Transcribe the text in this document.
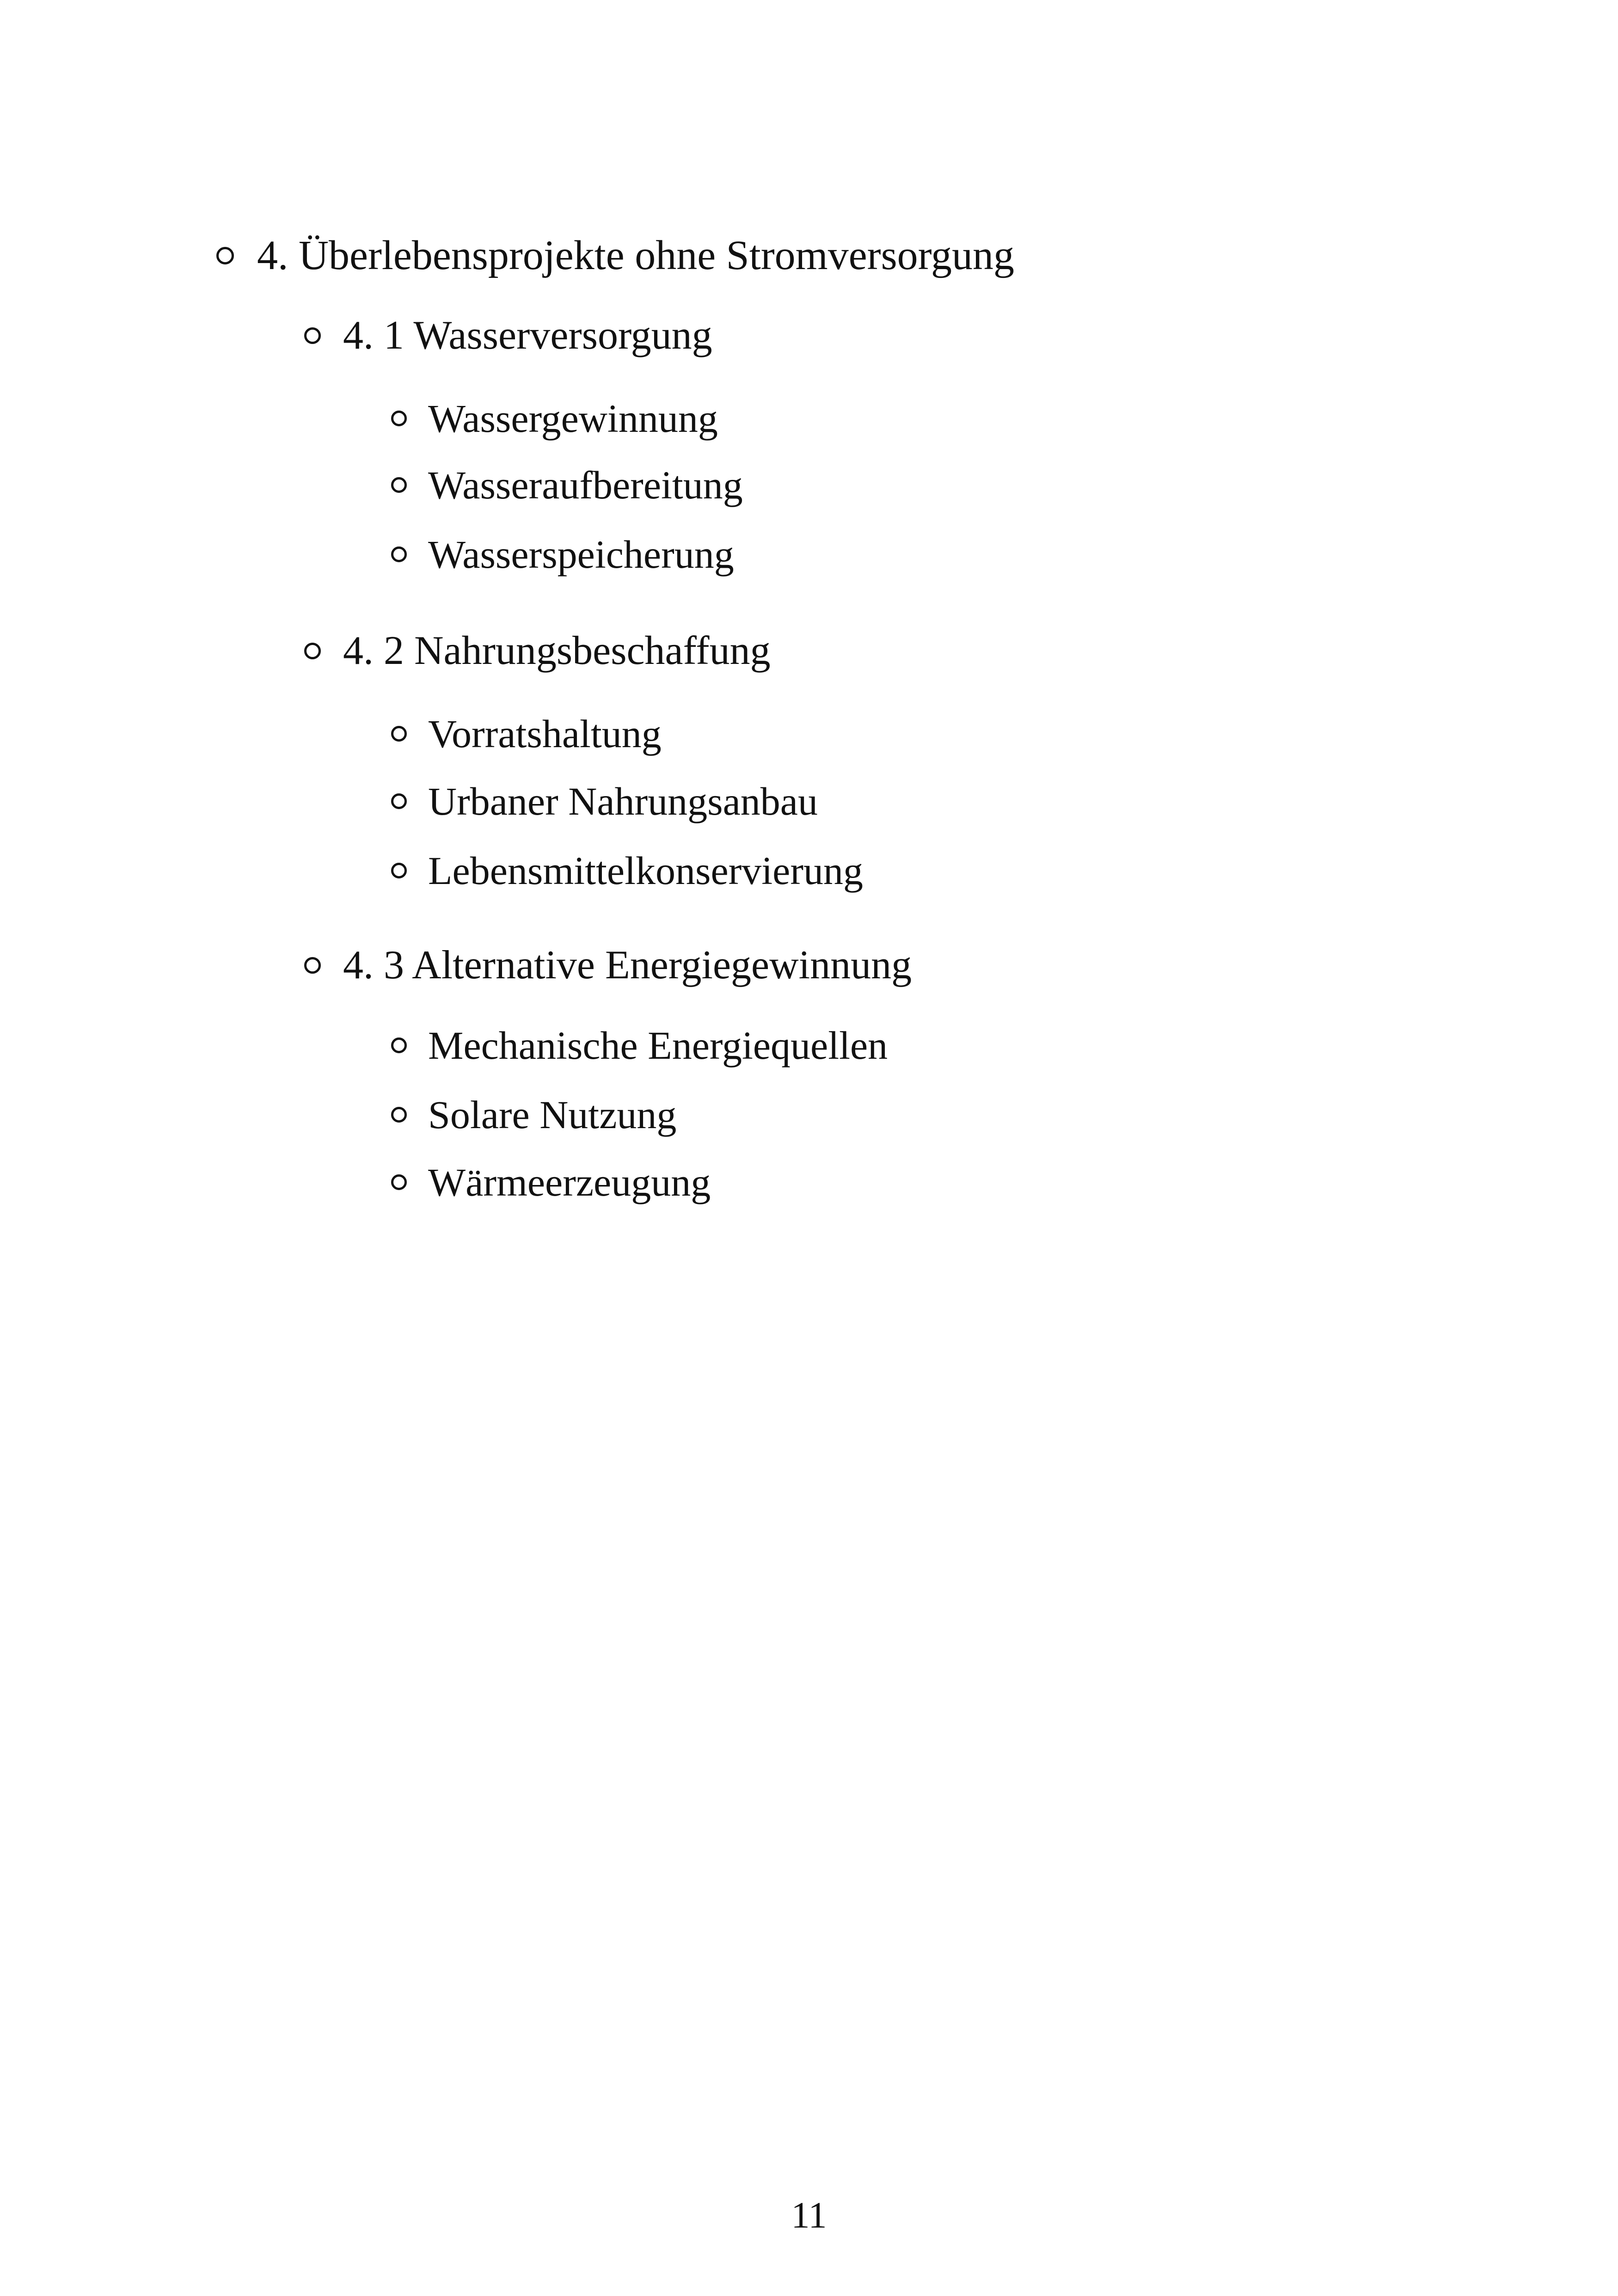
4. Überlebensprojekte ohne Stromversorgung
4. 1 Wasserversorgung
Wassergewinnung
Wasseraufbereitung
Wasserspeicherung
4. 2 Nahrungsbeschaffung
Vorratshaltung
Urbaner Nahrungsanbau
Lebensmittelkonservierung
4. 3 Alternative Energiegewinnung
Mechanische Energiequellen
Solare Nutzung
Wärmeerzeugung
11
